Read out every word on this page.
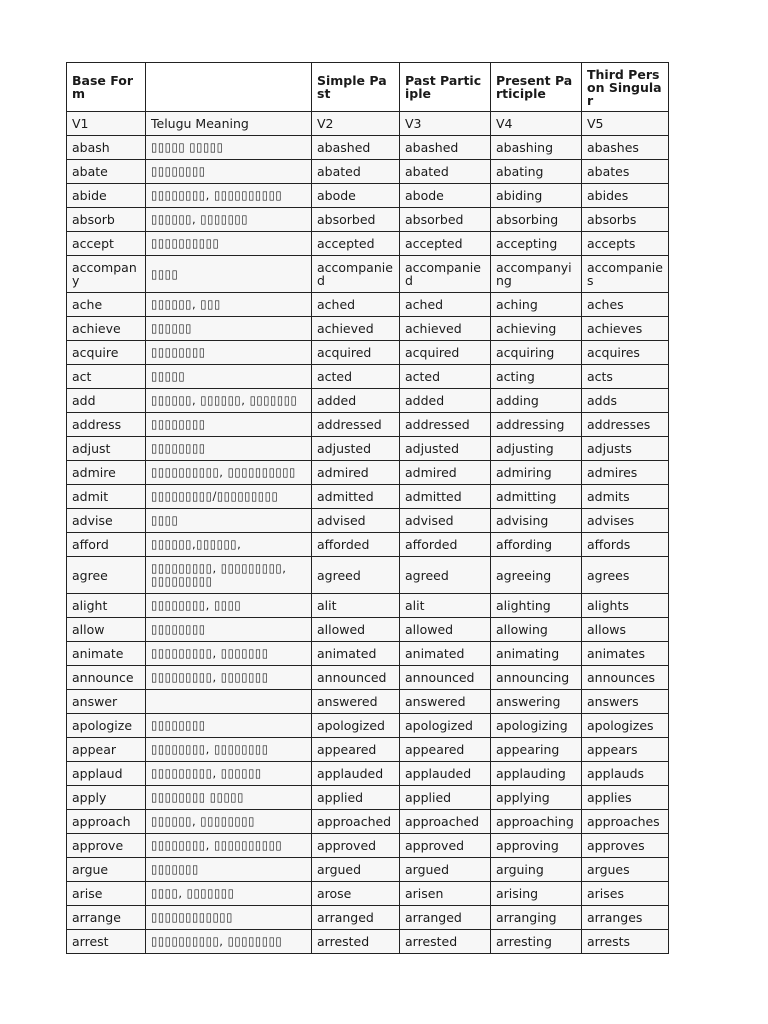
Base Form		Simple Past	Past Participle	Present Participle	Third Person Singular
V1	Telugu Meaning	V2	V3	V4	V5
abash	▯▯▯▯▯ ▯▯▯▯▯	abashed	abashed	abashing	abashes
abate	▯▯▯▯▯▯▯▯	abated	abated	abating	abates
abide	▯▯▯▯▯▯▯▯, ▯▯▯▯▯▯▯▯▯▯	abode	abode	abiding	abides
absorb	▯▯▯▯▯▯, ▯▯▯▯▯▯▯	absorbed	absorbed	absorbing	absorbs
accept	▯▯▯▯▯▯▯▯▯▯	accepted	accepted	accepting	accepts
accompany	▯▯▯▯	accompanied	accompanied	accompanying	accompanies
ache	▯▯▯▯▯▯, ▯▯▯	ached	ached	aching	aches
achieve	▯▯▯▯▯▯	achieved	achieved	achieving	achieves
acquire	▯▯▯▯▯▯▯▯	acquired	acquired	acquiring	acquires
act	▯▯▯▯▯	acted	acted	acting	acts
add	▯▯▯▯▯▯, ▯▯▯▯▯▯, ▯▯▯▯▯▯▯	added	added	adding	adds
address	▯▯▯▯▯▯▯▯	addressed	addressed	addressing	addresses
adjust	▯▯▯▯▯▯▯▯	adjusted	adjusted	adjusting	adjusts
admire	▯▯▯▯▯▯▯▯▯▯, ▯▯▯▯▯▯▯▯▯▯	admired	admired	admiring	admires
admit	▯▯▯▯▯▯▯▯▯/▯▯▯▯▯▯▯▯▯	admitted	admitted	admitting	admits
advise	▯▯▯▯	advised	advised	advising	advises
afford	▯▯▯▯▯▯,▯▯▯▯▯▯,	afforded	afforded	affording	affords
agree	▯▯▯▯▯▯▯▯▯, ▯▯▯▯▯▯▯▯▯, ▯▯▯▯▯▯▯▯▯	agreed	agreed	agreeing	agrees
alight	▯▯▯▯▯▯▯▯, ▯▯▯▯	alit	alit	alighting	alights
allow	▯▯▯▯▯▯▯▯	allowed	allowed	allowing	allows
animate	▯▯▯▯▯▯▯▯▯, ▯▯▯▯▯▯▯	animated	animated	animating	animates
announce	▯▯▯▯▯▯▯▯▯, ▯▯▯▯▯▯▯	announced	announced	announcing	announces
answer		answered	answered	answering	answers
apologize	▯▯▯▯▯▯▯▯	apologized	apologized	apologizing	apologizes
appear	▯▯▯▯▯▯▯▯, ▯▯▯▯▯▯▯▯	appeared	appeared	appearing	appears
applaud	▯▯▯▯▯▯▯▯▯, ▯▯▯▯▯▯	applauded	applauded	applauding	applauds
apply	▯▯▯▯▯▯▯▯ ▯▯▯▯▯	applied	applied	applying	applies
approach	▯▯▯▯▯▯, ▯▯▯▯▯▯▯▯	approached	approached	approaching	approaches
approve	▯▯▯▯▯▯▯▯, ▯▯▯▯▯▯▯▯▯▯	approved	approved	approving	approves
argue	▯▯▯▯▯▯▯	argued	argued	arguing	argues
arise	▯▯▯▯, ▯▯▯▯▯▯▯	arose	arisen	arising	arises
arrange	▯▯▯▯▯▯▯▯▯▯▯▯	arranged	arranged	arranging	arranges
arrest	▯▯▯▯▯▯▯▯▯▯, ▯▯▯▯▯▯▯▯	arrested	arrested	arresting	arrests
